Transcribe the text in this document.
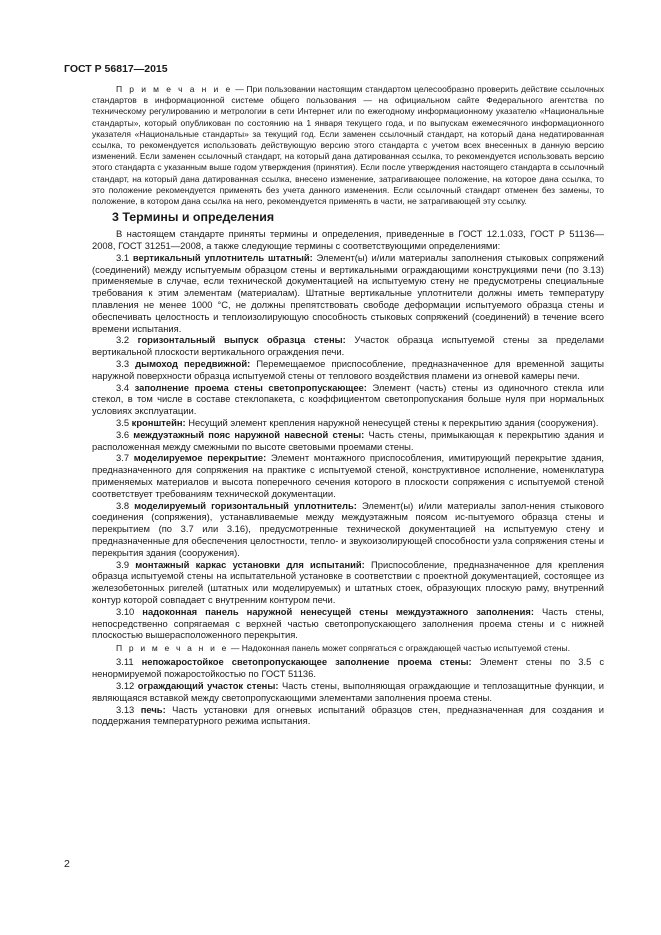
ГОСТ Р 56817—2015

П р и м е ч а н и е — При пользовании настоящим стандартом целесообразно проверить действие ссылочных стандартов в информационной системе общего пользования — на официальном сайте Федерального агентства по техническому регулированию и метрологии в сети Интернет или по ежегодному информационному указателю «Национальные стандарты», который опубликован по состоянию на 1 января текущего года, и по выпускам ежемесячного информационного указателя «Национальные стандарты» за текущий год. Если заменен ссылочный стандарт, на который дана недатированная ссылка, то рекомендуется использовать действующую версию этого стандарта с учетом всех внесенных в данную версию изменений. Если заменен ссылочный стандарт, на который дана датированная ссылка, то рекомендуется использовать версию этого стандарта с указанным выше годом утверждения (принятия). Если после утверждения настоящего стандарта в ссылочный стандарт, на который дана датированная ссылка, внесено изменение, затрагивающее положение, на которое дана ссылка, то это положение рекомендуется применять без учета данного изменения. Если ссылочный стандарт отменен без замены, то положение, в котором дана ссылка на него, рекомендуется применять в части, не затрагивающей эту ссылку.

3 Термины и определения

В настоящем стандарте приняты термины и определения, приведенные в ГОСТ 12.1.033, ГОСТ Р 51136—2008, ГОСТ 31251—2008, а также следующие термины с соответствующими определениями:

3.1 вертикальный уплотнитель штатный: Элемент(ы) и/или материалы заполнения стыковых сопряжений (соединений) между испытуемым образцом стены и вертикальными ограждающими конструкциями печи (по 3.13) применяемые в случае, если технической документацией на испытуемую стену не предусмотрены специальные требования к этим элементам (материалам). Штатные вертикальные уплотнители должны иметь температуру плавления не менее 1000 °С, не должны препятствовать свободе деформации испытуемого образца стены и обеспечивать целостность и теплоизолирующую способность стыковых сопряжений (соединений) в течение всего времени испытания.

3.2 горизонтальный выпуск образца стены: Участок образца испытуемой стены за пределами вертикальной плоскости вертикального ограждения печи.

3.3 дымоход передвижной: Перемещаемое приспособление, предназначенное для временной защиты наружной поверхности образца испытуемой стены от теплового воздействия пламени из огневой камеры печи.

3.4 заполнение проема стены светопропускающее: Элемент (часть) стены из одиночного стекла или стекол, в том числе в составе стеклопакета, с коэффициентом светопропускания больше нуля при нормальных условиях эксплуатации.

3.5 кронштейн: Несущий элемент крепления наружной ненесущей стены к перекрытию здания (сооружения).

3.6 междуэтажный пояс наружной навесной стены: Часть стены, примыкающая к перекрытию здания и расположенная между смежными по высоте световыми проемами стены.

3.7 моделируемое перекрытие: Элемент монтажного приспособления, имитирующий перекрытие здания, предназначенного для сопряжения на практике с испытуемой стеной, конструктивное исполнение, номенклатура применяемых материалов и высота поперечного сечения которого в плоскости сопряжения с испытуемой стеной соответствует требованиям технической документации.

3.8 моделируемый горизонтальный уплотнитель: Элемент(ы) и/или материалы запол-нения стыкового соединения (сопряжения), устанавливаемые между междуэтажным поясом ис-пытуемого образца стены и перекрытием (по 3.7 или 3.16), предусмотренные технической документацией на испытуемую стену и предназначенные для обеспечения целостности, тепло- и звукоизолирующей способности узла сопряжения стены и перекрытия здания (сооружения).

3.9 монтажный каркас установки для испытаний: Приспособление, предназначенное для крепления образца испытуемой стены на испытательной установке в соответствии с проектной документацией, состоящее из железобетонных ригелей (штатных или моделируемых) и штатных стоек, образующих плоскую раму, внутренний контур которой совпадает с внутренним контуром печи.

3.10 надоконная панель наружной ненесущей стены междуэтажного заполнения: Часть стены, непосредственно сопрягаемая с верхней частью светопропускающего заполнения проема стены и с нижней плоскостью вышерасположенного перекрытия.

П р и м е ч а н и е — Надоконная панель может сопрягаться с ограждающей частью испытуемой стены.

3.11 непожаростойкое светопропускающее заполнение проема стены: Элемент стены по 3.5 с ненормируемой пожаростойкостью по ГОСТ 51136.

3.12 ограждающий участок стены: Часть стены, выполняющая ограждающие и теплозащитные функции, и являющаяся вставкой между светопропускающими элементами заполнения проема стены.

3.13 печь: Часть установки для огневых испытаний образцов стен, предназначенная для создания и поддержания температурного режима испытания.

2
